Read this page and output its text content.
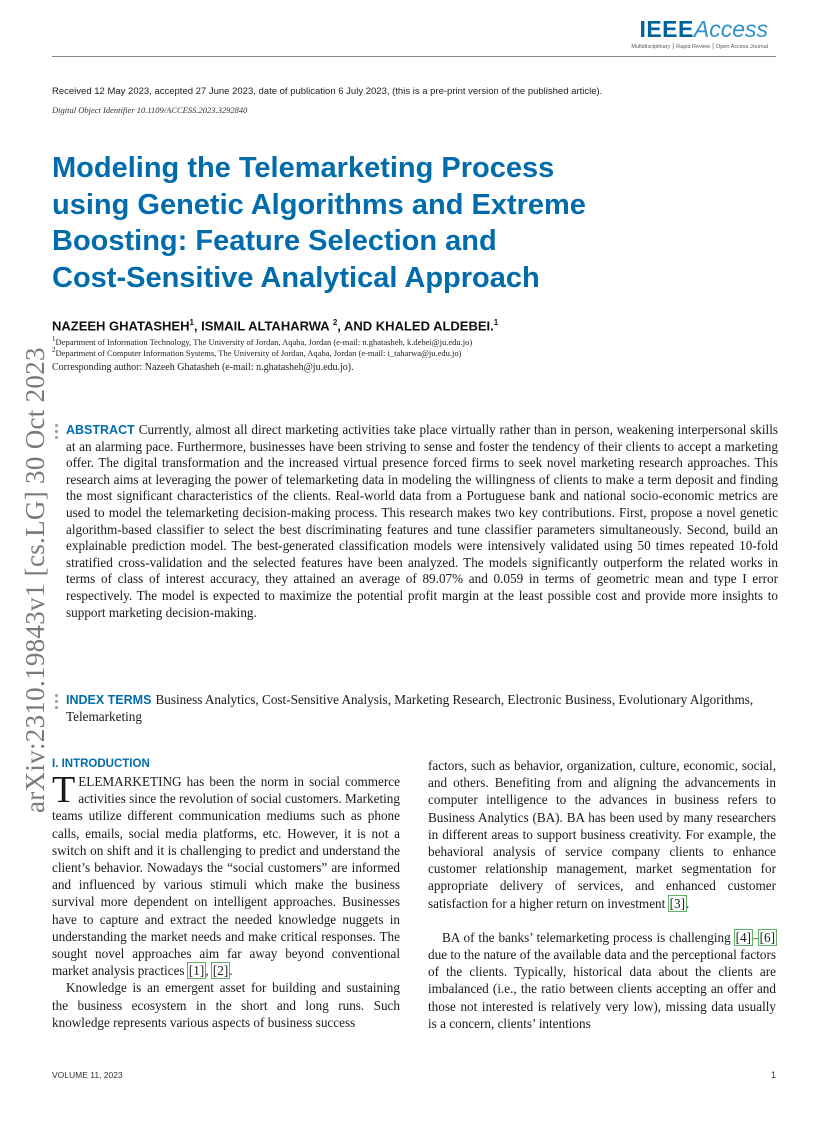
IEEEAccess
Multidisciplinary ⎮ Rapid Review ⎮ Open Access Journal
Received 12 May 2023, accepted 27 June 2023, date of publication 6 July 2023, (this is a pre-print version of the published article).
Digital Object Identifier 10.1109/ACCESS.2023.3292840
Modeling the Telemarketing Process
using Genetic Algorithms and Extreme
Boosting: Feature Selection and
Cost-Sensitive Analytical Approach
NAZEEH GHATASHEH$^1$, ISMAIL ALTAHARWA $^2$, AND KHALED ALDEBEI.$^1$
$^1$Department of Information Technology, The University of Jordan, Aqaba, Jordan (e-mail: n.ghatasheh, k.debei@ju.edu.jo)
$^2$Department of Computer Information Systems, The University of Jordan, Aqaba, Jordan (e-mail: i_taharwa@ju.edu.jo)
Corresponding author: Nazeeh Ghatasheh (e-mail: n.ghatasheh@ju.edu.jo).
arXiv:2310.19843v1 [cs.LG] 30 Oct 2023 ABSTRACT Currently, almost all direct marketing activities take place virtually rather than in person, weakening interpersonal skills at an alarming pace. Furthermore, businesses have been striving to sense and foster the tendency of their clients to accept a marketing offer. The digital transformation and the increased virtual presence forced firms to seek novel marketing research approaches. This research aims at leveraging the power of telemarketing data in modeling the willingness of clients to make a term deposit and finding the most significant characteristics of the clients. Real-world data from a Portuguese bank and national socio-economic metrics are used to model the telemarketing decision-making process. This research makes two key contributions. First, propose a novel genetic algorithm-based classifier to select the best discriminating features and tune classifier parameters simultaneously. Second, build an explainable prediction model. The best-generated classification models were intensively validated using 50 times repeated 10-fold stratified cross-validation and the selected features have been analyzed. The models significantly outperform the related works in terms of class of interest accuracy, they attained an average of 89.07% and 0.059 in terms of geometric mean and type I error respectively. The model is expected to maximize the potential profit margin at the least possible cost and provide more insights to support marketing decision-making.

INDEX TERMS Business Analytics, Cost-Sensitive Analysis, Marketing Research, Electronic Business, Evolutionary Algorithms, Telemarketing

I. INTRODUCTION

TELEMARKETING has been the norm in social commerce activities since the revolution of social customers. Marketing teams utilize different communication mediums such as phone calls, emails, social media platforms, etc. However, it is not a switch on shift and it is challenging to predict and understand the client’s behavior. Nowadays the “social customers” are informed and influenced by various stimuli which make the business survival more dependent on intelligent approaches. Businesses have to capture and extract the needed knowledge nuggets in understanding the market needs and make critical responses. The sought novel approaches aim far away beyond conventional market analysis practices [1], [2].

Knowledge is an emergent asset for building and sustaining the business ecosystem in the short and long runs. Such knowledge represents various aspects of business success

factors, such as behavior, organization, culture, economic, social, and others. Benefiting from and aligning the advancements in computer intelligence to the advances in business refers to Business Analytics (BA). BA has been used by many researchers in different areas to support business creativity. For example, the behavioral analysis of service company clients to enhance customer relationship management, market segmentation for appropriate delivery of services, and enhanced customer satisfaction for a higher return on investment [3].

BA of the banks’ telemarketing process is challenging [4]–[6] due to the nature of the available data and the perceptional factors of the clients. Typically, historical data about the clients are imbalanced (i.e., the ratio between clients accepting an offer and those not interested is relatively very low), missing data usually is a concern, clients’ intentions

VOLUME 11, 2023	1
